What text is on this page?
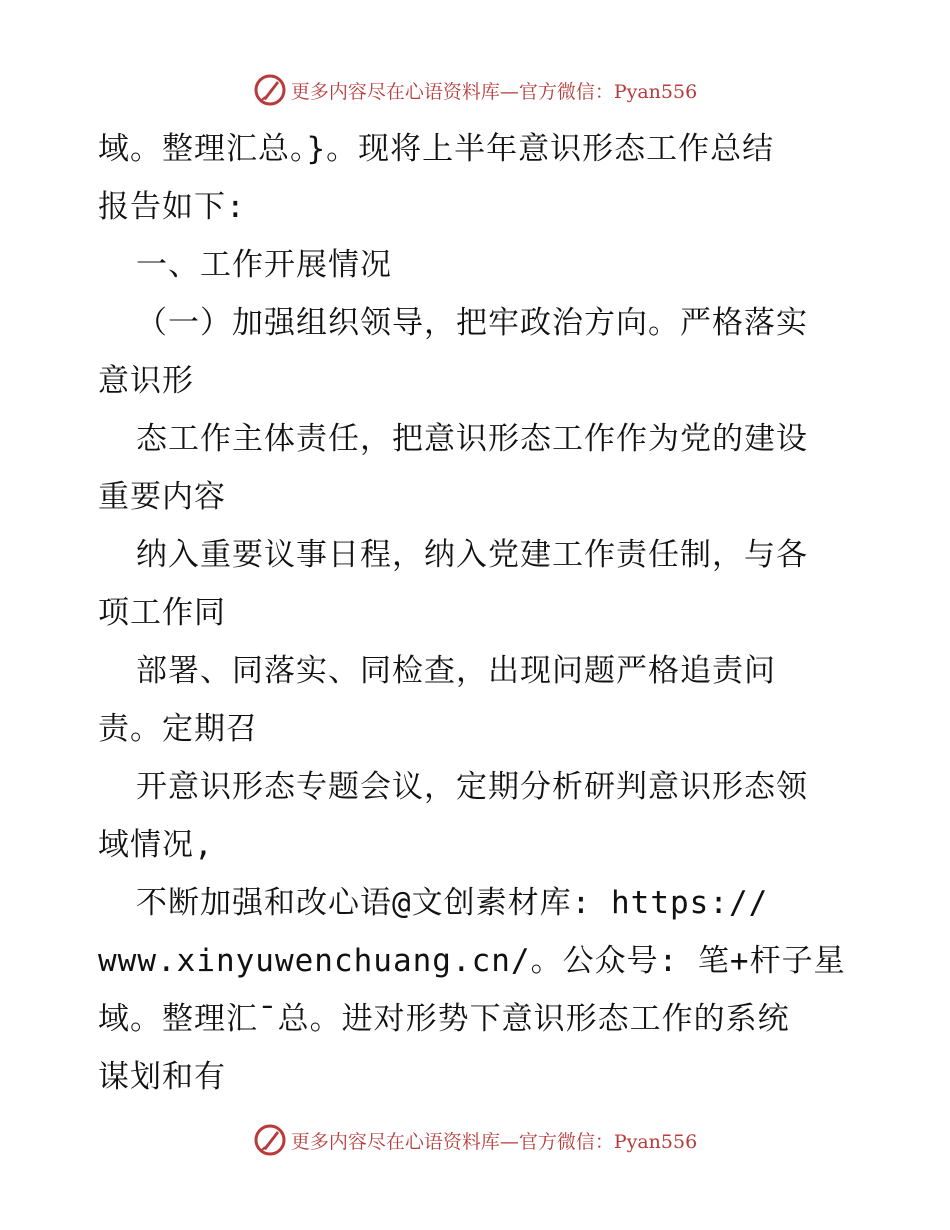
更多内容尽在心语资料库—官方微信：Pyan556
域。整理汇总。}。现将上半年意识形态工作总结
报告如下:
一、工作开展情况
（一）加强组织领导，把牢政治方向。严格落实
意识形
态工作主体责任，把意识形态工作作为党的建设
重要内容
纳入重要议事日程，纳入党建工作责任制，与各
项工作同
部署、同落实、同检查，出现问题严格追责问
责。定期召
开意识形态专题会议，定期分析研判意识形态领
域情况,
不断加强和改心语@文创素材库: https://
www.xinyuwenchuang.cn/。公众号: 笔+杆子星
域。整理汇¯总。进对形势下意识形态工作的系统
谋划和有
更多内容尽在心语资料库—官方微信：Pyan556
